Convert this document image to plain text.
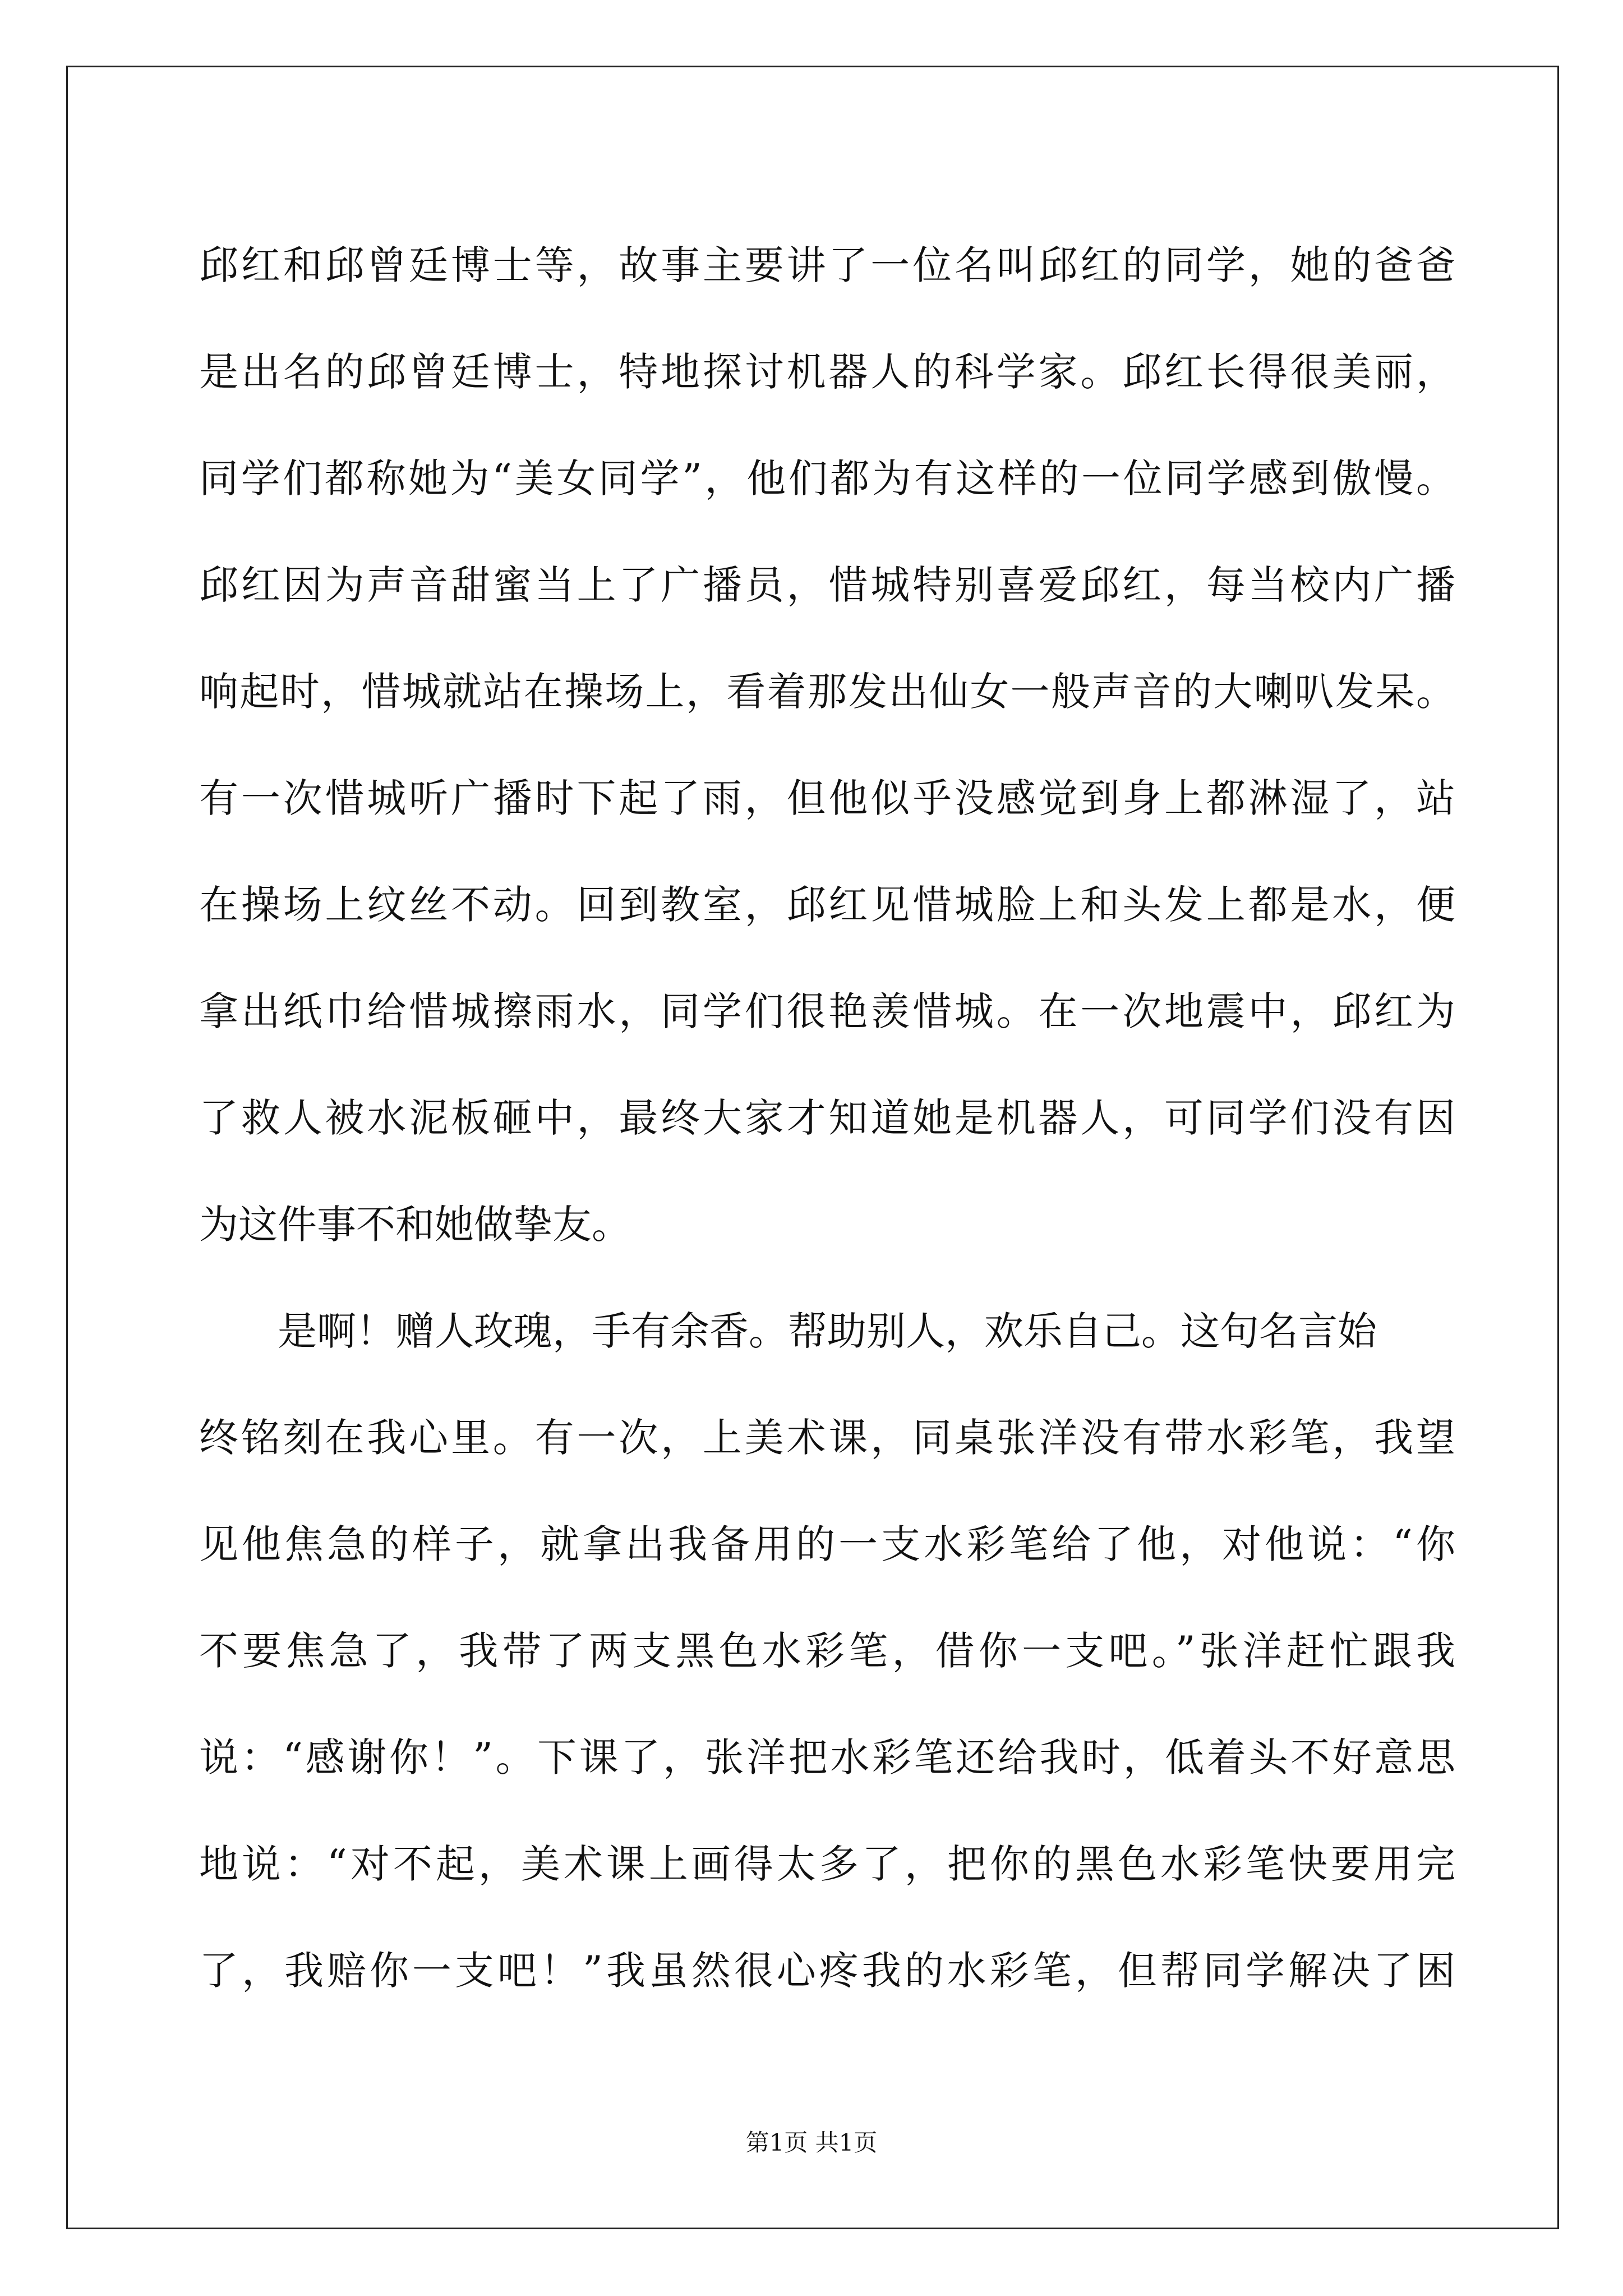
邱红和邱曾廷博士等，故事主要讲了一位名叫邱红的同学，她的爸爸
是出名的邱曾廷博士，特地探讨机器人的科学家。邱红长得很美丽，
同学们都称她为“美女同学”，他们都为有这样的一位同学感到傲慢。
邱红因为声音甜蜜当上了广播员，惜城特别喜爱邱红，每当校内广播
响起时，惜城就站在操场上，看着那发出仙女一般声音的大喇叭发呆。
有一次惜城听广播时下起了雨，但他似乎没感觉到身上都淋湿了，站
在操场上纹丝不动。回到教室，邱红见惜城脸上和头发上都是水，便
拿出纸巾给惜城擦雨水，同学们很艳羡惜城。在一次地震中，邱红为
了救人被水泥板砸中，最终大家才知道她是机器人，可同学们没有因
为这件事不和她做挚友。
是啊！赠人玫瑰，手有余香。帮助别人，欢乐自己。这句名言始
终铭刻在我心里。有一次，上美术课，同桌张洋没有带水彩笔，我望
见他焦急的样子，就拿出我备用的一支水彩笔给了他，对他说：“你
不要焦急了，我带了两支黑色水彩笔，借你一支吧。”张洋赶忙跟我
说：“感谢你！”。下课了，张洋把水彩笔还给我时，低着头不好意思
地说：“对不起，美术课上画得太多了，把你的黑色水彩笔快要用完
了，我赔你一支吧！”我虽然很心疼我的水彩笔，但帮同学解决了困
第1页 共1页
